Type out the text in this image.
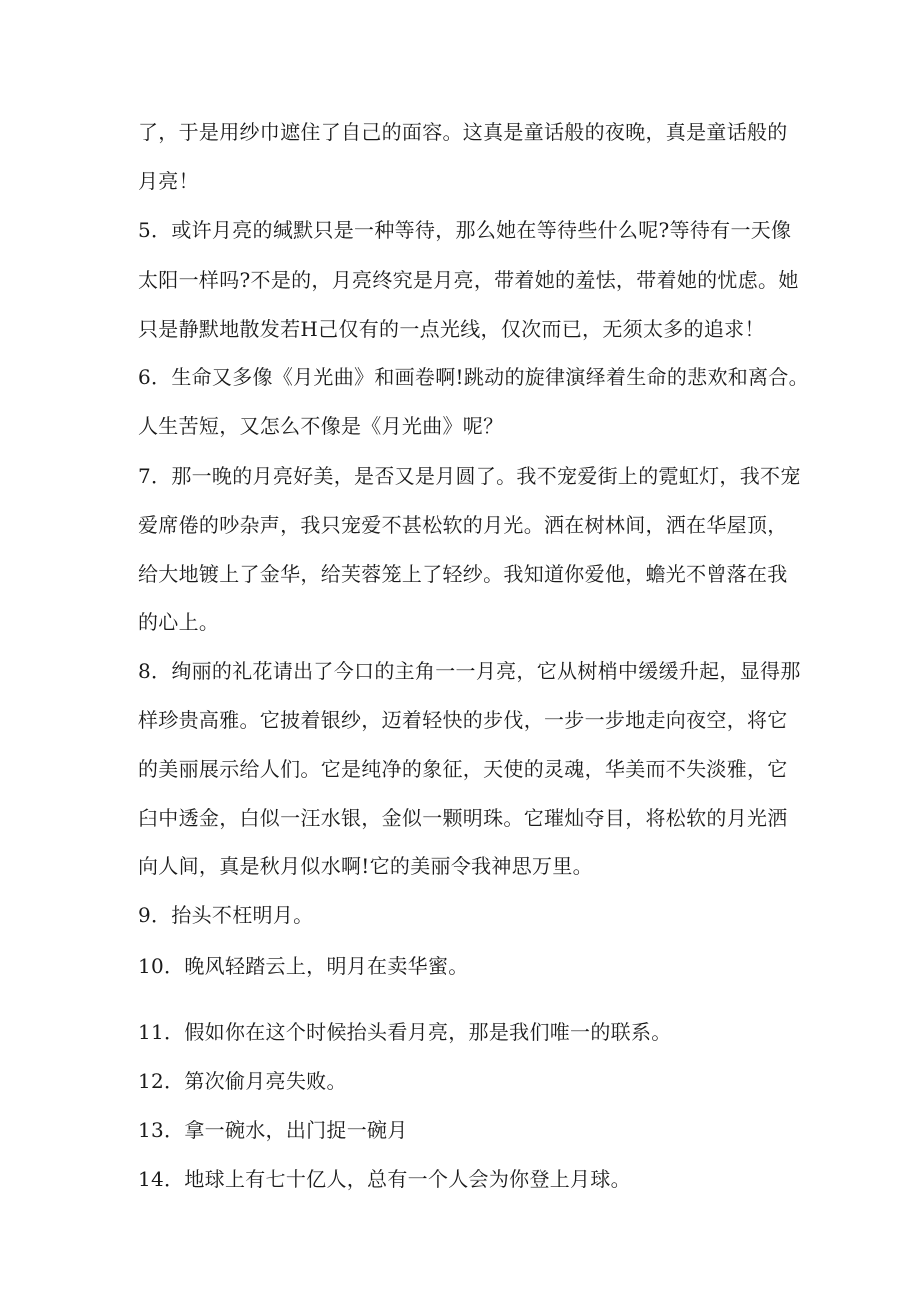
了，于是用纱巾遮住了自己的面容。这真是童话般的夜晚，真是童话般的
月亮！
5．或许月亮的缄默只是一种等待，那么她在等待些什么呢?等待有一天像
太阳一样吗?不是的，月亮终究是月亮，带着她的羞怯，带着她的忧虑。她
只是静默地散发若H己仅有的一点光线，仅次而已，无须太多的追求！
6．生命又多像《月光曲》和画卷啊!跳动的旋律演绎着生命的悲欢和离合。
人生苦短，又怎么不像是《月光曲》呢？
7．那一晚的月亮好美，是否又是月圆了。我不宠爱街上的霓虹灯，我不宠
爱席倦的吵杂声，我只宠爱不甚松软的月光。洒在树林间，洒在华屋顶，
给大地镀上了金华，给芙蓉笼上了轻纱。我知道你爱他，蟾光不曾落在我
的心上。
8．绚丽的礼花请出了今口的主角一一月亮，它从树梢中缓缓升起，显得那
样珍贵高雅。它披着银纱，迈着轻快的步伐，一步一步地走向夜空，将它
的美丽展示给人们。它是纯净的象征，天使的灵魂，华美而不失淡雅，它
臼中透金，白似一汪水银，金似一颗明珠。它璀灿夺目，将松软的月光洒
向人间，真是秋月似水啊!它的美丽令我神思万里。
9．抬头不枉明月。
10．晚风轻踏云上，明月在卖华蜜。
11．假如你在这个时候抬头看月亮，那是我们唯一的联系。
12．第次偷月亮失败。
13．拿一碗水，出门捉一碗月
14．地球上有七十亿人，总有一个人会为你登上月球。
